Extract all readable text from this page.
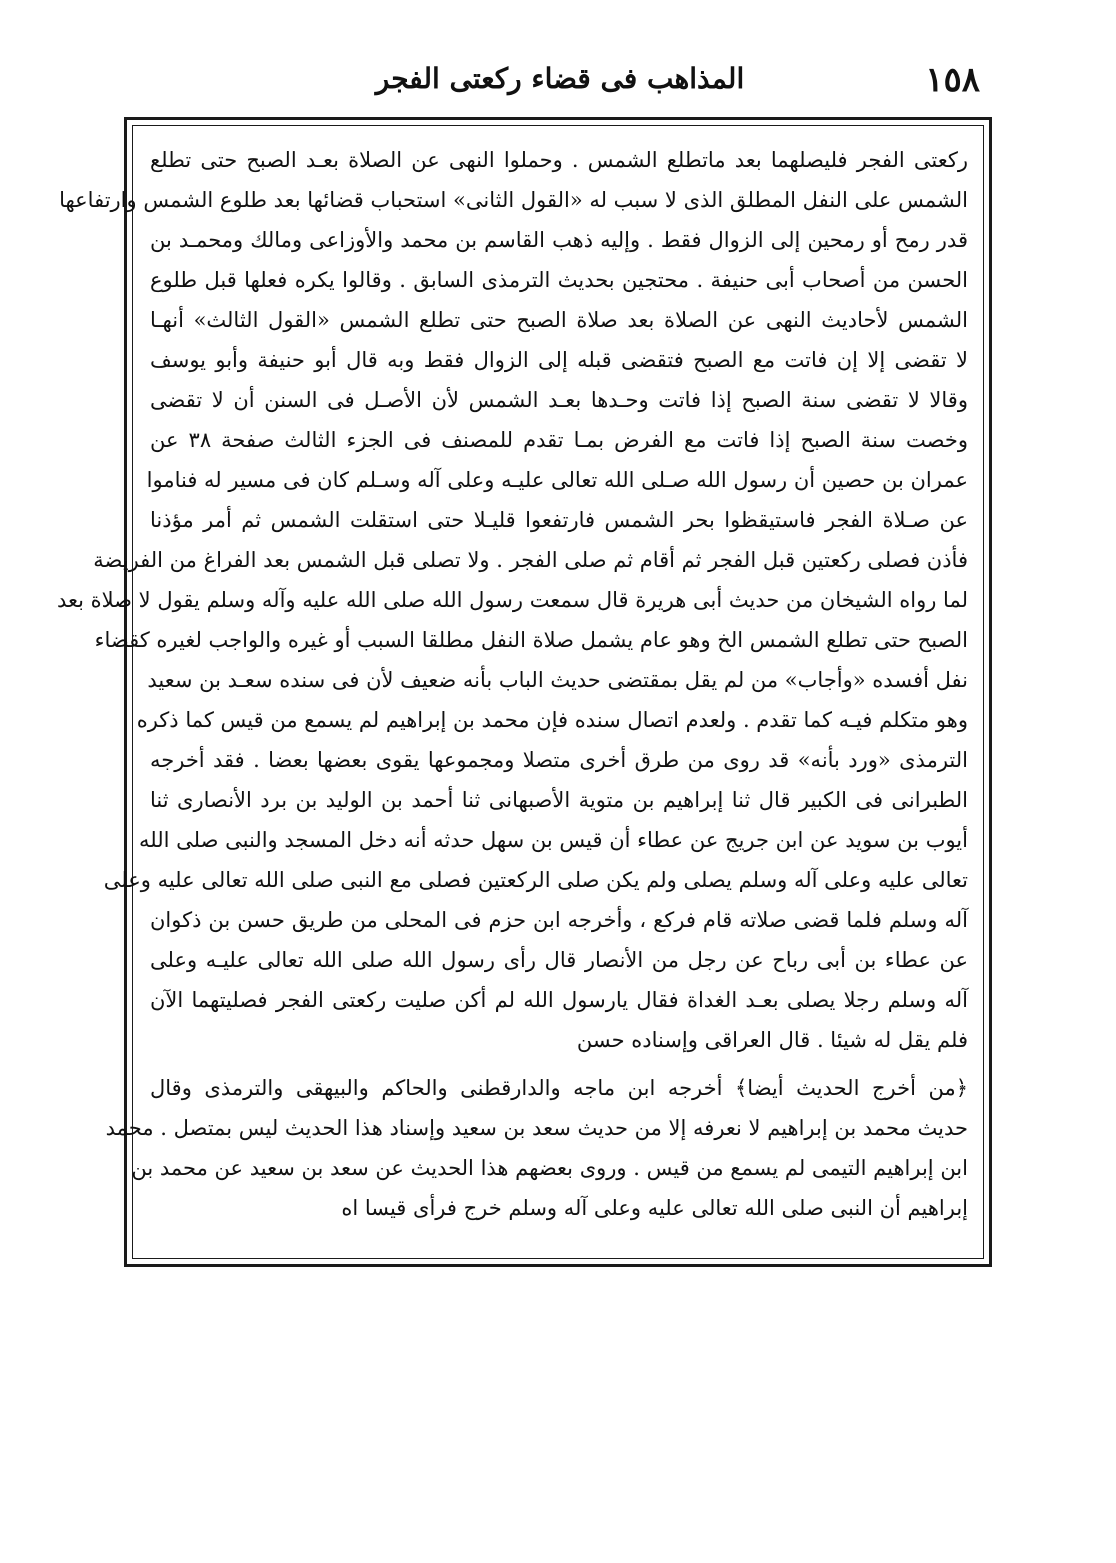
١٥٨
المذاهب فى قضاء ركعتى الفجر
ركعتى الفجر فليصلهما بعد ماتطلع الشمس . وحملوا النهى عن الصلاة بعـد الصبح حتى تطلع
الشمس على النفل المطلق الذى لا سبب له «القول الثانى» استحباب قضائها بعد طلوع الشمس وارتفاعها
قدر رمح أو رمحين إلى الزوال فقط . وإليه ذهب القاسم بن محمد والأوزاعى ومالك ومحمـد بن
الحسن من أصحاب أبى حنيفة . محتجين بحديث الترمذى السابق . وقالوا يكره فعلها قبل طلوع
الشمس لأحاديث النهى عن الصلاة بعد صلاة الصبح حتى تطلع الشمس «القول الثالث» أنهـا
لا تقضى إلا إن فاتت مع الصبح فتقضى قبله إلى الزوال فقط وبه قال أبو حنيفة وأبو يوسف
وقالا لا تقضى سنة الصبح إذا فاتت وحـدها بعـد الشمس لأن الأصـل فى السنن أن لا تقضى
وخصت سنة الصبح إذا فاتت مع الفرض بمـا تقدم للمصنف فى الجزء الثالث صفحة ٣٨ عن
عمران بن حصين أن رسول الله صـلى الله تعالى عليـه وعلى آله وسـلم كان فى مسير له فناموا
عن صـلاة الفجر فاستيقظوا بحر الشمس فارتفعوا قليـلا حتى استقلت الشمس ثم أمر مؤذنا
فأذن فصلى ركعتين قبل الفجر ثم أقام ثم صلى الفجر . ولا تصلى قبل الشمس بعد الفراغ من الفريضة
لما رواه الشيخان من حديث أبى هريرة قال سمعت رسول الله صلى الله عليه وآله وسلم يقول لا صلاة بعد
الصبح حتى تطلع الشمس الخ وهو عام يشمل صلاة النفل مطلقا السبب أو غيره والواجب لغيره كقضاء
نفل أفسده «وأجاب» من لم يقل بمقتضى حديث الباب بأنه ضعيف لأن فى سنده سعـد بن سعيد
وهو متكلم فيـه كما تقدم . ولعدم اتصال سنده فإن محمد بن إبراهيم لم يسمع من قيس كما ذكره
الترمذى «ورد بأنه» قد روى من طرق أخرى متصلا ومجموعها يقوى بعضها بعضا . فقد أخرجه
الطبرانى فى الكبير قال ثنا إبراهيم بن متوية الأصبهانى ثنا أحمد بن الوليد بن برد الأنصارى ثنا
أيوب بن سويد عن ابن جريج عن عطاء أن قيس بن سهل حدثه أنه دخل المسجد والنبى صلى الله
تعالى عليه وعلى آله وسلم يصلى ولم يكن صلى الركعتين فصلى مع النبى صلى الله تعالى عليه وعلى
آله وسلم فلما قضى صلاته قام فركع ، وأخرجه ابن حزم فى المحلى من طريق حسن بن ذكوان
عن عطاء بن أبى رباح عن رجل من الأنصار قال رأى رسول الله صلى الله تعالى عليـه وعلى
آله وسلم رجلا يصلى بعـد الغداة فقال يارسول الله لم أكن صليت ركعتى الفجر فصليتهما الآن
فلم يقل له شيئا . قال العراقى وإسناده حسن
﴿من أخرج الحديث أيضا﴾ أخرجه ابن ماجه والدارقطنى والحاكم والبيهقى والترمذى وقال
حديث محمد بن إبراهيم لا نعرفه إلا من حديث سعد بن سعيد وإسناد هذا الحديث ليس بمتصل . محمد
ابن إبراهيم التيمى لم يسمع من قيس . وروى بعضهم هذا الحديث عن سعد بن سعيد عن محمد بن
إبراهيم أن النبى صلى الله تعالى عليه وعلى آله وسلم خرج فرأى قيسا اه
